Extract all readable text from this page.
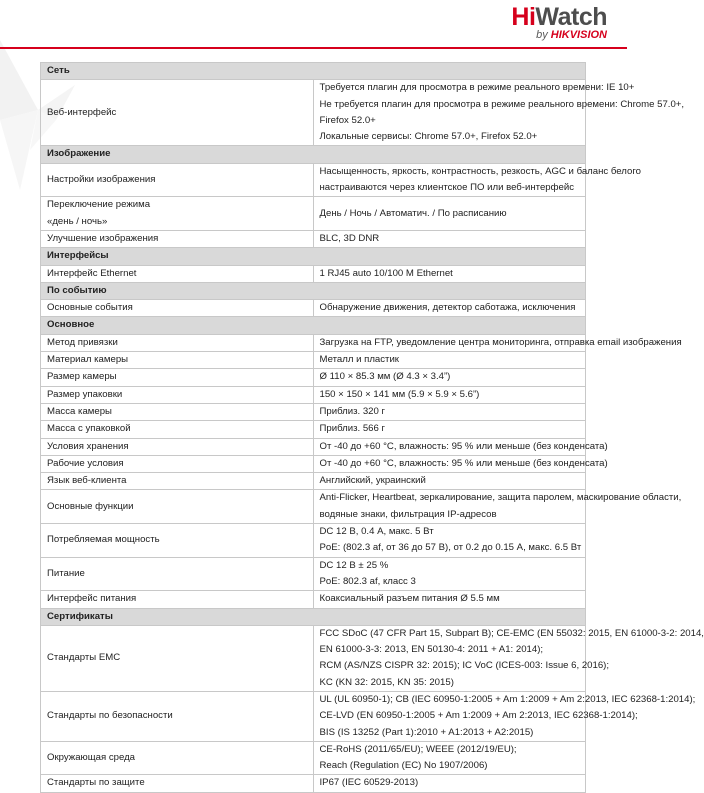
HiWatch
by HIKVISION
Сеть	

Веб-интерфейс	Требуется плагин для просмотра в режиме реального времени: IE 10+
Не требуется плагин для просмотра в режиме реального времени: Chrome 57.0+,
Firefox 52.0+
Локальные сервисы: Chrome 57.0+, Firefox 52.0+

Изображение	

Настройки изображения	Насыщенность, яркость, контрастность, резкость, AGC и баланс белого
настраиваются через клиентское ПО или веб-интерфейс

Переключение режима
«день / ночь»	День / Ночь / Автоматич. / По расписанию

Улучшение изображения	BLC, 3D DNR

Интерфейсы	

Интерфейс Ethernet	1 RJ45 auto 10/100 M Ethernet

По событию	

Основные события	Обнаружение движения, детектор саботажа, исключения

Основное	

Метод привязки	Загрузка на FTP, уведомление центра мониторинга, отправка email изображения

Материал камеры	Металл и пластик

Размер камеры	Ø 110 × 85.3 мм (Ø 4.3 × 3.4”)

Размер упаковки	150 × 150 × 141 мм (5.9 × 5.9 × 5.6”)

Масса камеры	Приблиз. 320 г

Масса с упаковкой	Приблиз. 566 г

Условия хранения	От -40 до +60 °C, влажность: 95 % или меньше (без конденсата)

Рабочие условия	От -40 до +60 °C, влажность: 95 % или меньше (без конденсата)

Язык веб-клиента	Английский, украинский

Основные функции	Anti-Flicker, Heartbeat, зеркалирование, защита паролем, маскирование области,
водяные знаки, фильтрация IP-адресов

Потребляемая мощность	DC 12 В, 0.4 А, макс. 5 Вт
PoE: (802.3 af, от 36 до 57 В), от 0.2 до 0.15 А, макс. 6.5 Вт

Питание	DC 12 В ± 25 %
PoE: 802.3 af, класс 3

Интерфейс питания	Коаксиальный разъем питания Ø 5.5 мм

Сертификаты	

Стандарты EMC	FCC SDoC (47 CFR Part 15, Subpart B); CE-EMC (EN 55032: 2015, EN 61000-3-2: 2014,
EN 61000-3-3: 2013, EN 50130-4: 2011 + A1: 2014);
RCM (AS/NZS CISPR 32: 2015); IC VoC (ICES-003: Issue 6, 2016);
KC (KN 32: 2015, KN 35: 2015)

Стандарты по безопасности	UL (UL 60950-1); CB (IEC 60950-1:2005 + Am 1:2009 + Am 2:2013, IEC 62368-1:2014);
CE-LVD (EN 60950-1:2005 + Am 1:2009 + Am 2:2013, IEC 62368-1:2014);
BIS (IS 13252 (Part 1):2010 + A1:2013 + A2:2015)

Окружающая среда	CE-RoHS (2011/65/EU); WEEE (2012/19/EU);
Reach (Regulation (EC) No 1907/2006)

Стандарты по защите	IP67 (IEC 60529-2013)
